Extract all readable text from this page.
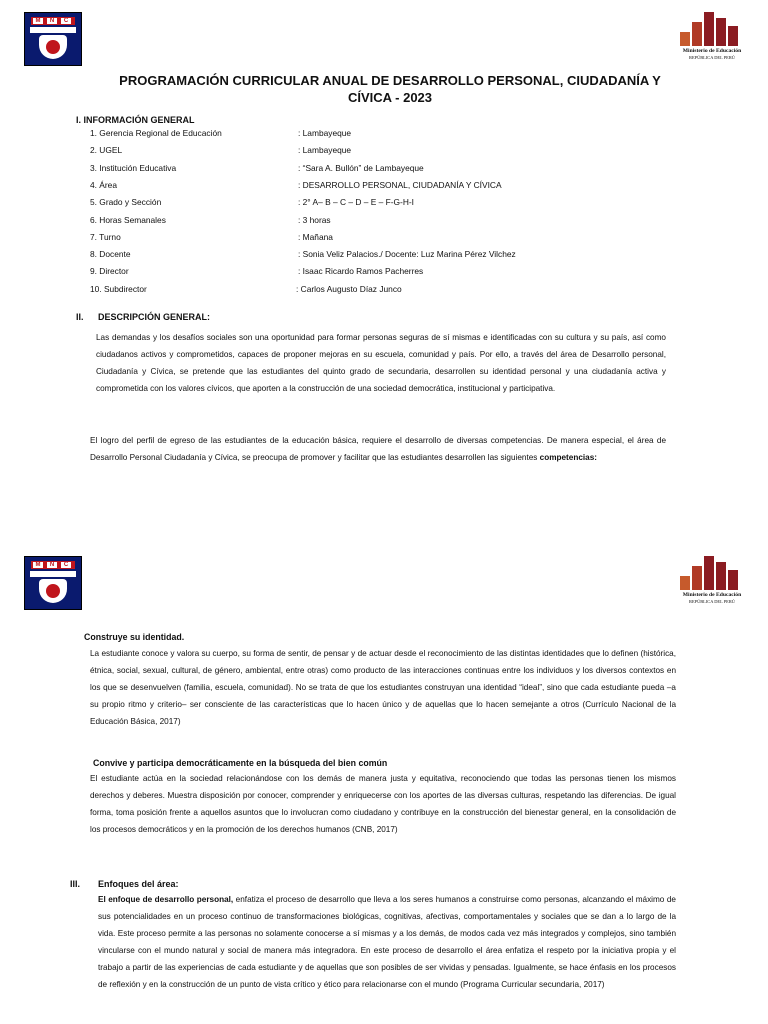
M N C
Ministerio de Educación
REPÚBLICA DEL PERÚ
PROGRAMACIÓN CURRICULAR ANUAL DE DESARROLLO PERSONAL, CIUDADANÍA Y
CÍVICA - 2023
I. INFORMACIÓN GENERAL
1. Gerencia Regional de Educación	: Lambayeque
2. UGEL	: Lambayeque
3. Institución Educativa	: “Sara A. Bullón” de Lambayeque
4. Área	: DESARROLLO PERSONAL, CIUDADANÍA Y CÍVICA
5. Grado y Sección	: 2° A– B – C – D – E – F-G-H-I
6. Horas Semanales	: 3 horas
7. Turno	: Mañana
8. Docente	: Sonia Veliz Palacios./ Docente: Luz Marina Pérez Vilchez
9. Director	: Isaac Ricardo Ramos Pacherres
10. Subdirector	: Carlos Augusto Díaz Junco
II. DESCRIPCIÓN GENERAL:
Las demandas y los desafíos sociales son una oportunidad para formar personas seguras de sí mismas e identificadas con su cultura y su país, así como ciudadanos activos y comprometidos, capaces de proponer mejoras en su escuela, comunidad y país. Por ello, a través del área de Desarrollo personal, Ciudadanía y Cívica, se pretende que las estudiantes del quinto grado de secundaria, desarrollen su identidad personal y una ciudadanía activa y comprometida con los valores cívicos, que aporten a la construcción de una sociedad democrática, institucional y participativa.
El logro del perfil de egreso de las estudiantes de la educación básica, requiere el desarrollo de diversas competencias. De manera especial, el área de Desarrollo Personal Ciudadanía y Cívica, se preocupa de promover y facilitar que las estudiantes desarrollen las siguientes competencias:
M N C
Ministerio de Educación
REPÚBLICA DEL PERÚ
Construye su identidad.
La estudiante conoce y valora su cuerpo, su forma de sentir, de pensar y de actuar desde el reconocimiento de las distintas identidades que lo definen (histórica, étnica, social, sexual, cultural, de género, ambiental, entre otras) como producto de las interacciones continuas entre los individuos y los diversos contextos en los que se desenvuelven (familia, escuela, comunidad). No se trata de que los estudiantes construyan una identidad “ideal”, sino que cada estudiante pueda –a su propio ritmo y criterio– ser consciente de las características que lo hacen único y de aquellas que lo hacen semejante a otros (Currículo Nacional de la Educación Básica, 2017)
Convive y participa democráticamente en la búsqueda del bien común
El estudiante actúa en la sociedad relacionándose con los demás de manera justa y equitativa, reconociendo que todas las personas tienen los mismos derechos y deberes. Muestra disposición por conocer, comprender y enriquecerse con los aportes de las diversas culturas, respetando las diferencias. De igual forma, toma posición frente a aquellos asuntos que lo involucran como ciudadano y contribuye en la construcción del bienestar general, en la consolidación de los procesos democráticos y en la promoción de los derechos humanos (CNB, 2017)
III. Enfoques del área:
El enfoque de desarrollo personal, enfatiza el proceso de desarrollo que lleva a los seres humanos a construirse como personas, alcanzando el máximo de sus potencialidades en un proceso continuo de transformaciones biológicas, cognitivas, afectivas, comportamentales y sociales que se dan a lo largo de la vida. Este proceso permite a las personas no solamente conocerse a sí mismas y a los demás, de modos cada vez más integrados y complejos, sino también vincularse con el mundo natural y social de manera más integradora. En este proceso de desarrollo el área enfatiza el respeto por la iniciativa propia y el trabajo a partir de las experiencias de cada estudiante y de aquellas que son posibles de ser vividas y pensadas. Igualmente, se hace énfasis en los procesos de reflexión y en la construcción de un punto de vista crítico y ético para relacionarse con el mundo (Programa Curricular secundaria, 2017)
